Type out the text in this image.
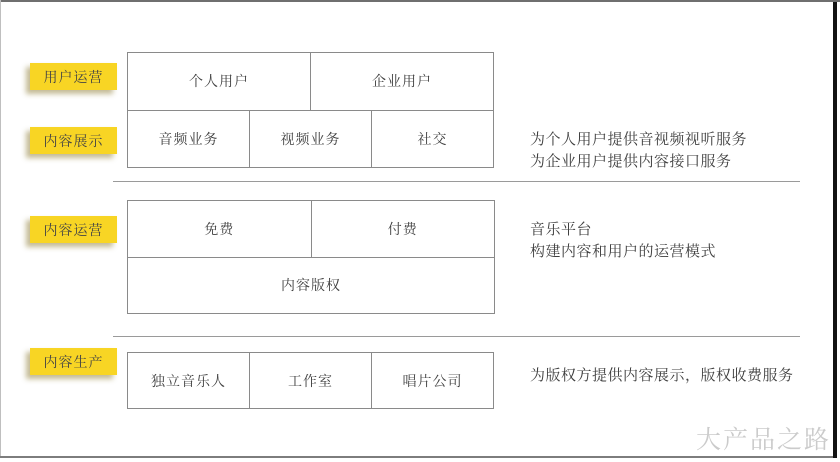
用户运营
内容展示
内容运营
内容生产
个人用户	企业用户
音频业务	视频业务	社交
免费	付费
内容版权
独立音乐人	工作室	唱片公司
为个人用户提供音视频视听服务
为企业用户提供内容接口服务
音乐平台
构建内容和用户的运营模式
为版权方提供内容展示，版权收费服务
大产品之路
